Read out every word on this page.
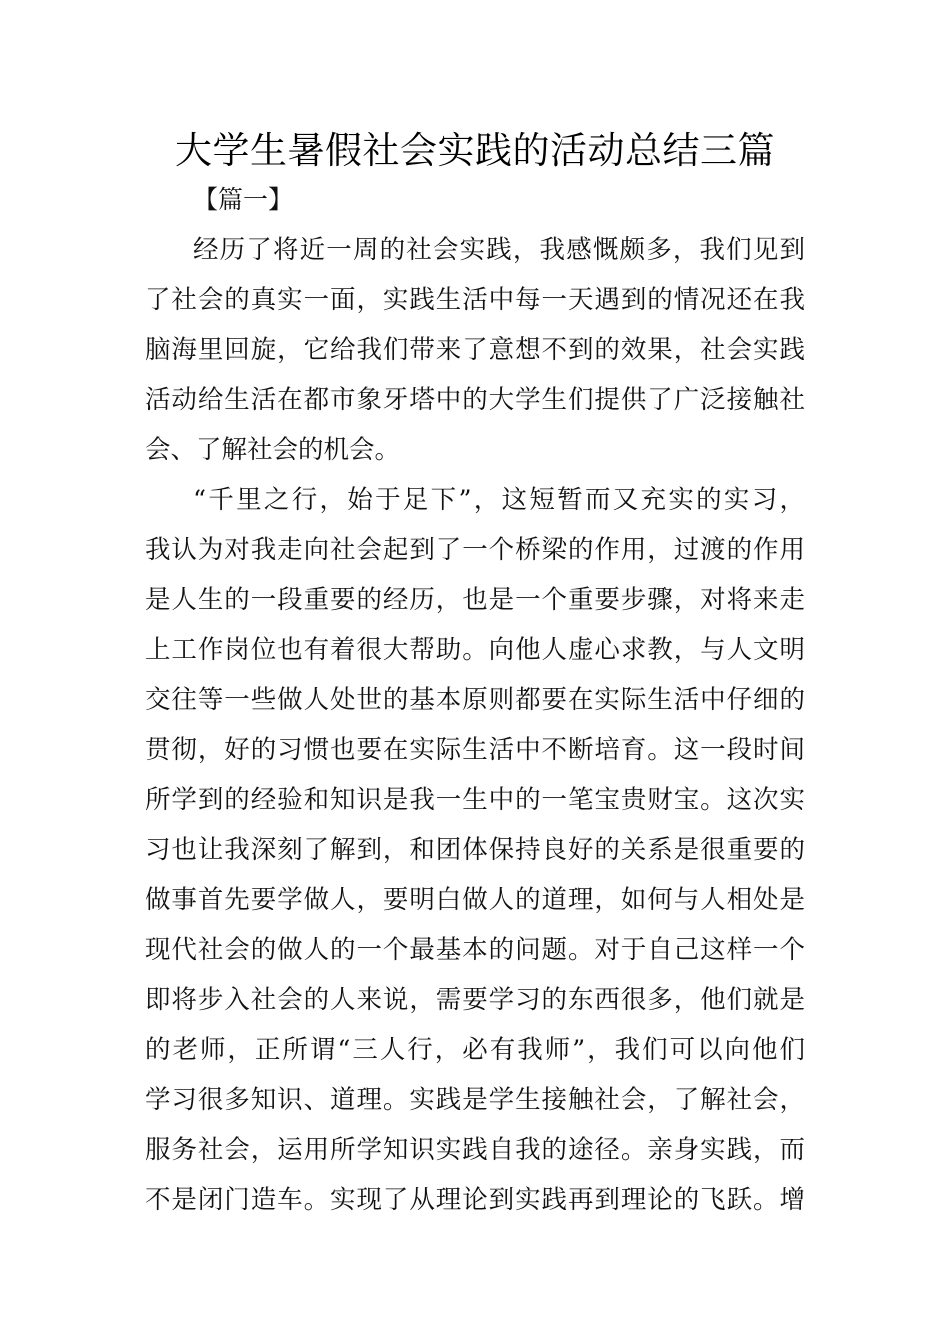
大学生暑假社会实践的活动总结三篇
【篇一】
经历了将近一周的社会实践，我感慨颇多，我们见到
了社会的真实一面，实践生活中每一天遇到的情况还在我
脑海里回旋，它给我们带来了意想不到的效果，社会实践
活动给生活在都市象牙塔中的大学生们提供了广泛接触社
会、了解社会的机会。
“千里之行，始于足下”，这短暂而又充实的实习，
我认为对我走向社会起到了一个桥梁的作用，过渡的作用
是人生的一段重要的经历，也是一个重要步骤，对将来走
上工作岗位也有着很大帮助。向他人虚心求教，与人文明
交往等一些做人处世的基本原则都要在实际生活中仔细的
贯彻，好的习惯也要在实际生活中不断培育。这一段时间
所学到的经验和知识是我一生中的一笔宝贵财宝。这次实
习也让我深刻了解到，和团体保持良好的关系是很重要的
做事首先要学做人，要明白做人的道理，如何与人相处是
现代社会的做人的一个最基本的问题。对于自己这样一个
即将步入社会的人来说，需要学习的东西很多，他们就是
的老师，正所谓“三人行，必有我师”，我们可以向他们
学习很多知识、道理。实践是学生接触社会，了解社会，
服务社会，运用所学知识实践自我的途径。亲身实践，而
不是闭门造车。实现了从理论到实践再到理论的飞跃。增
